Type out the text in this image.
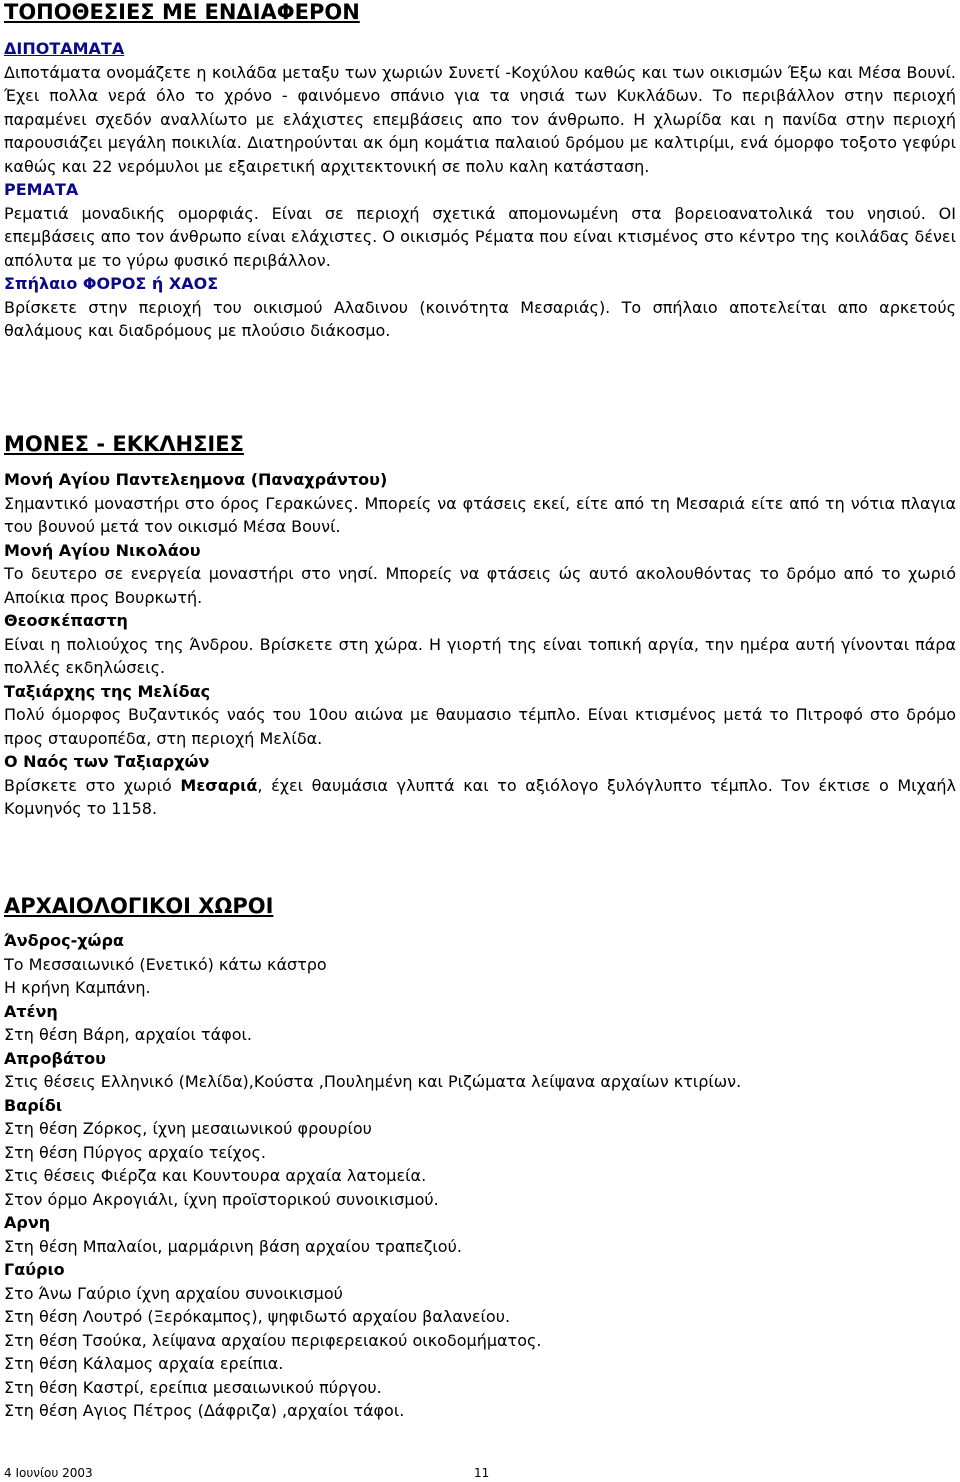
ΤΟΠΟΘΕΣΙΕΣ ΜΕ ΕΝΔΙΑΦΕΡΟΝ
ΔΙΠΟΤΑΜΑΤΑ
Διποτάματα ονομάζετε η κοιλάδα μεταξυ των χωριών Συνετί -Κοχύλου καθώς και των οικισμών Έξω και Μέσα Βουνί. Έχει πολλα νερά όλο το χρόνο - φαινόμενο σπάνιο για τα νησιά των Κυκλάδων. Το περιβάλλον στην περιοχή παραμένει σχεδόν αναλλίωτο με ελάχιστες επεμβάσεις απο τον άνθρωπο. Η χλωρίδα και η πανίδα στην περιοχή παρουσιάζει μεγάλη ποικιλία. Διατηρούνται ακ όμη κομάτια παλαιού δρόμου με καλτιρίμι, ενά όμορφο τοξοτο γεφύρι καθώς και 22 νερόμυλοι με εξαιρετική αρχιτεκτονική σε πολυ καλη κατάσταση.
ΡΕΜΑΤΑ
Ρεματιά μοναδικής ομορφιάς. Είναι σε περιοχή σχετικά απομονωμένη στα βορειοανατολικά του νησιού. ΟΙ επεμβάσεις απο τον άνθρωπο είναι ελάχιστες. Ο οικισμός Ρέματα που είναι κτισμένος στο κέντρο της κοιλάδας δένει απόλυτα με το γύρω φυσικό περιβάλλον.
Σπήλαιο ΦΟΡΟΣ ή ΧΑΟΣ
Βρίσκετε στην περιοχή του οικισμού Αλαδινου (κοινότητα Μεσαριάς). Το σπήλαιο αποτελείται απο αρκετούς θαλάμους και διαδρόμους με πλούσιο διάκοσμο.
ΜΟΝΕΣ - ΕΚΚΛΗΣΙΕΣ
Μονή Αγίου Παντελεημονα (Παναχράντου)
Σημαντικό μοναστήρι στο όρος Γερακώνες. Μπορείς να φτάσεις εκεί, είτε από τη Μεσαριά είτε από τη νότια πλαγια του βουνού μετά τον οικισμό Μέσα Βουνί.
Μονή Αγίου Νικολάου
Το δευτερο σε ενεργεία μοναστήρι στο νησί. Μπορείς να φτάσεις ώς αυτό ακολουθόντας το δρόμο από το χωριό Αποίκια προς Βουρκωτή.
Θεοσκέπαστη
Είναι η πολιούχος της Άνδρου. Βρίσκετε στη χώρα. Η γιορτή της είναι τοπική αργία, την ημέρα αυτή γίνονται πάρα πολλές εκδηλώσεις.
Ταξιάρχης της Μελίδας
Πολύ όμορφος Βυζαντικός ναός του 10ου αιώνα με θαυμασιο τέμπλο. Είναι κτισμένος μετά το Πιτροφό στο δρόμο προς σταυροπέδα, στη περιοχή Μελίδα.
Ο Ναός των Ταξιαρχών
Βρίσκετε στο χωριό Μεσαριά, έχει θαυμάσια γλυπτά και το αξιόλογο ξυλόγλυπτο τέμπλο. Τον έκτισε ο Μιχαήλ Κομνηνός το 1158.
ΑΡΧΑΙΟΛΟΓΙΚΟΙ ΧΩΡΟΙ
Άνδρος-χώρα
Το Μεσσαιωνικό (Ενετικό) κάτω κάστρο
Η κρήνη Καμπάνη.
Ατένη
Στη θέση Βάρη, αρχαίοι τάφοι.
Απροβάτου
Στις θέσεις Ελληνικό (Μελίδα),Κούστα ,Πουλημένη και Ριζώματα λείψανα αρχαίων κτιρίων.
Βαρίδι
Στη θέση Ζόρκος, ίχνη μεσαιωνικού φρουρίου
Στη θέση Πύργος αρχαίο τείχος.
Στις θέσεις Φιέρζα και Κουντουρα αρχαία λατομεία.
Στον όρμο Ακρογιάλι, ίχνη προϊστορικού συνοικισμού.
Αρνη
Στη θέση Μπαλαίοι, μαρμάρινη βάση αρχαίου τραπεζιού.
Γαύριο
Στο Άνω Γαύριο ίχνη αρχαίου συνοικισμού
Στη θέση Λουτρό (Ξερόκαμπος), ψηφιδωτό αρχαίου βαλανείου.
Στη θέση Τσούκα, λείψανα αρχαίου περιφερειακού οικοδομήματος.
Στη θέση Κάλαμος αρχαία ερείπια.
Στη θέση Καστρί, ερείπια μεσαιωνικού πύργου.
Στη θέση Αγιος Πέτρος (Δάφριζα) ,αρχαίοι τάφοι.
4 Ιουνίου 2003	11
